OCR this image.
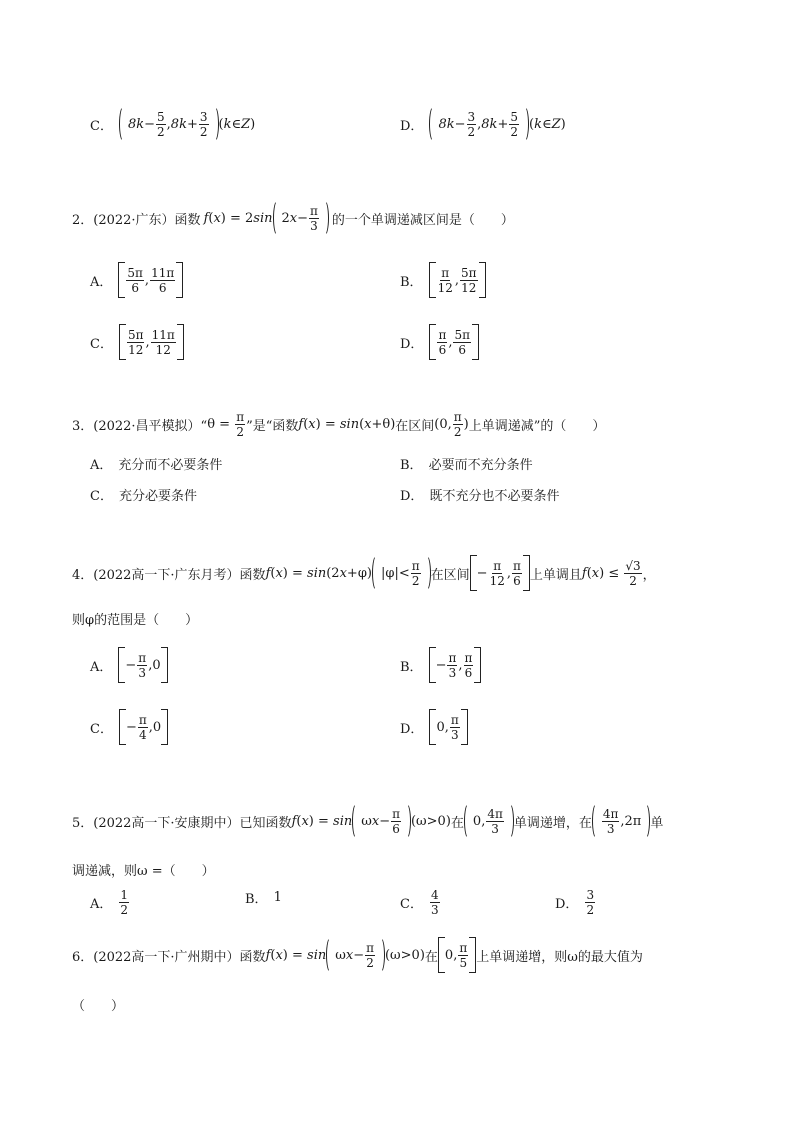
C． $8k - \frac{5}{2}$ , $8k + \frac{3}{2}$ ( k ∈ Z )	D． $8k - \frac{3}{2}$ , $8k + \frac{5}{2}$ ( k ∈ Z )
2．(2022·广东）函数 f ( x ) = 2 sin 2 $x - \frac{\pi}{3}$ 的一个单调递减区间是（　　）
A． $\frac{5\pi}{6}$ , $\frac{11\pi}{6}$	B． $\frac{\pi}{12}$ , $\frac{5\pi}{12}$
C． $\frac{5\pi}{12}$ , $\frac{11\pi}{12}$	D． $\frac{\pi}{6}$ , $\frac{5\pi}{6}$
3．(2022·昌平模拟）“ $\theta = \frac{\pi}{2}$ ”是“函数 f ( x ) = sin ( x +θ) 在区间 (0, $\frac{\pi}{2}$ ) 上单调递减”的（　　）
A． 充分而不必要条件	B． 必要而不充分条件
C． 充分必要条件	D． 既不充分也不必要条件
4．(2022高一下·广东月考）函数 f ( x ) = sin (2 x +φ) $|\varphi|< \frac{\pi}{2}$ 在区间 − $\frac{\pi}{12}$ , $\frac{\pi}{6}$ 上单调且 f ( x ) ≤ $\frac{√3}{2}$ ，
则φ的范围是（　　）
A．	− $\frac{\pi}{3} ,0$	B．	− $\frac{\pi}{3}$ , $\frac{\pi}{6}$
C．	− $\frac{\pi}{4} ,0$	D．	0, $\frac{\pi}{3}$
5．(2022高一下·安康期中）已知函数 f ( x ) = sin ω $x - \frac{\pi}{6} (\omega>0)$ 在 0, $\frac{4\pi}{3}$ 单调递增，在 $\frac{4\pi}{3} ,2\pi$ 单
调递减，则ω =（　　）
A． $\frac{1}{2}$	B． 1	C． $\frac{4}{3}$	D． $\frac{3}{2}$
6．(2022高一下·广州期中）函数 f ( x ) = sin ω $x - \frac{\pi}{2} (\omega>0)$ 在 0, $\frac{\pi}{5}$ 上单调递增，则ω的最大值为
（　　）
